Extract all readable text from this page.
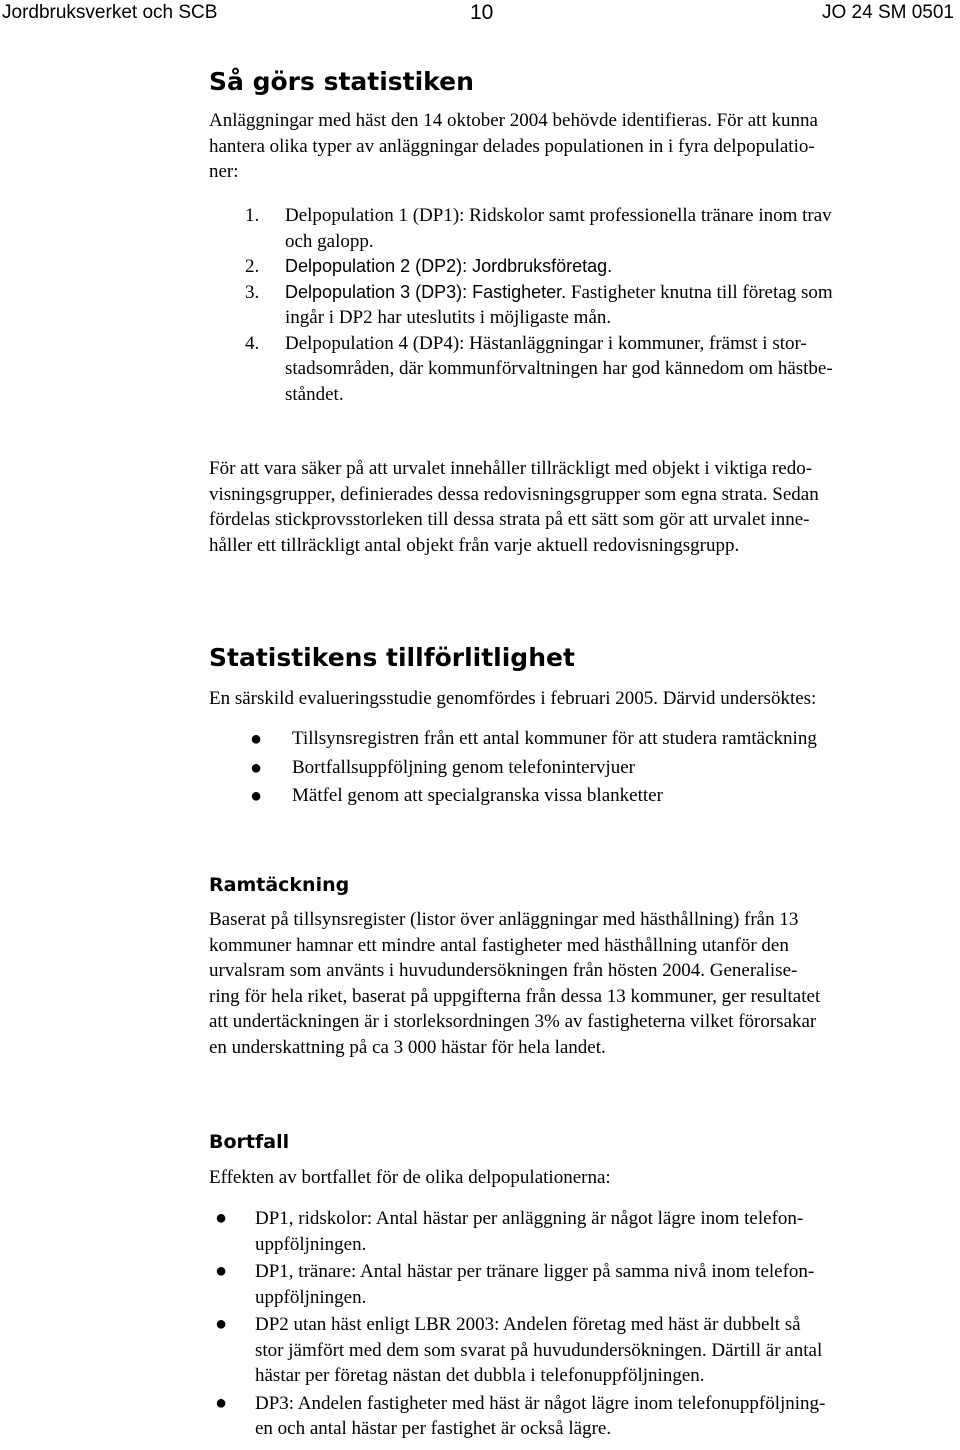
Jordbruksverket och SCB	10	JO 24 SM 0501
Så görs statistiken

Anläggningar med häst den 14 oktober 2004 behövde identifieras. För att kunna
hantera olika typer av anläggningar delades populationen in i fyra delpopulatio-
ner:

1. Delpopulation 1 (DP1): Ridskolor samt professionella tränare inom trav
och galopp.
2. Delpopulation 2 (DP2): Jordbruksföretag.
3. Delpopulation 3 (DP3): Fastigheter. Fastigheter knutna till företag som
ingår i DP2 har uteslutits i möjligaste mån.
4. Delpopulation 4 (DP4): Hästanläggningar i kommuner, främst i stor-
stadsområden, där kommunförvaltningen har god kännedom om hästbe-
ståndet.

För att vara säker på att urvalet innehåller tillräckligt med objekt i viktiga redo-
visningsgrupper, definierades dessa redovisningsgrupper som egna strata. Sedan
fördelas stickprovsstorleken till dessa strata på ett sätt som gör att urvalet inne-
håller ett tillräckligt antal objekt från varje aktuell redovisningsgrupp.

Statistikens tillförlitlighet

En särskild evalueringsstudie genomfördes i februari 2005. Därvid undersöktes:

● Tillsynsregistren från ett antal kommuner för att studera ramtäckning
● Bortfallsuppföljning genom telefonintervjuer
● Mätfel genom att specialgranska vissa blanketter
Ramtäckning

Baserat på tillsynsregister (listor över anläggningar med hästhållning) från 13
kommuner hamnar ett mindre antal fastigheter med hästhållning utanför den
urvalsram som använts i huvudundersökningen från hösten 2004. Generalise-
ring för hela riket, baserat på uppgifterna från dessa 13 kommuner, ger resultatet
att undertäckningen är i storleksordningen 3% av fastigheterna vilket förorsakar
en underskattning på ca 3 000 hästar för hela landet.

Bortfall

Effekten av bortfallet för de olika delpopulationerna:

● DP1, ridskolor: Antal hästar per anläggning är något lägre inom telefon-
uppföljningen.
● DP1, tränare: Antal hästar per tränare ligger på samma nivå inom telefon-
uppföljningen.
● DP2 utan häst enligt LBR 2003: Andelen företag med häst är dubbelt så
stor jämfört med dem som svarat på huvudundersökningen. Därtill är antal
hästar per företag nästan det dubbla i telefonuppföljningen.
● DP3: Andelen fastigheter med häst är något lägre inom telefonuppföljning-
en och antal hästar per fastighet är också lägre.
